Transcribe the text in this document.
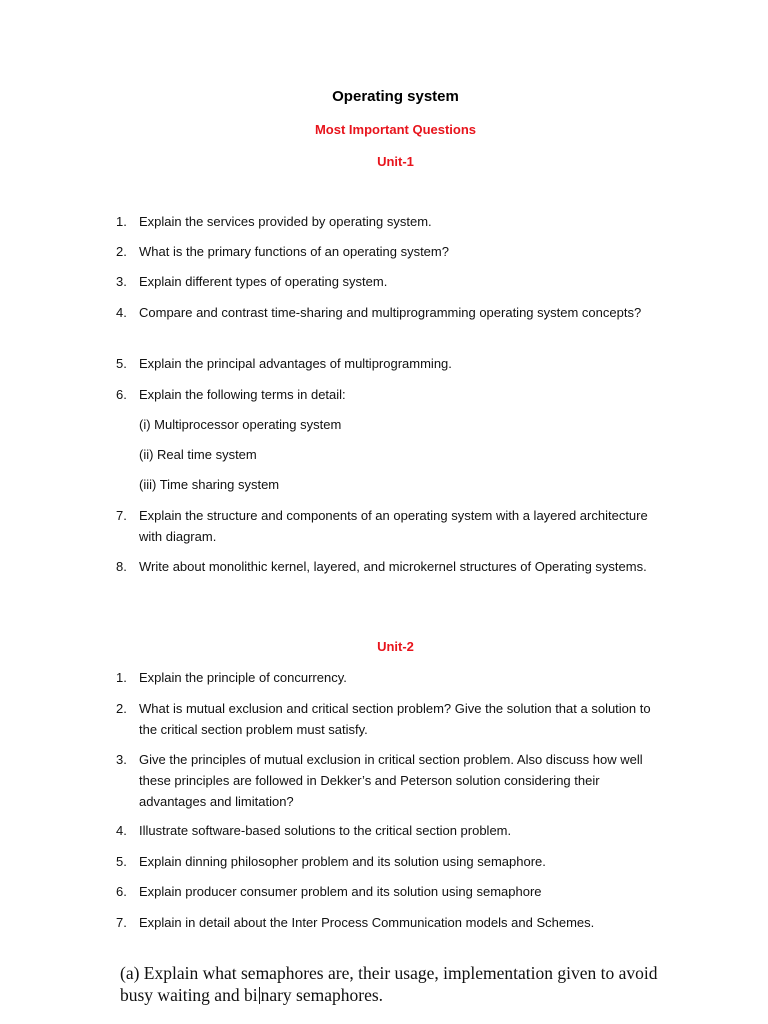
Operating system
Most Important Questions
Unit-1
1. Explain the services provided by operating system.
2. What is the primary functions of an operating system?
3. Explain different types of operating system.
4. Compare and contrast time-sharing and multiprogramming operating system concepts?
5. Explain the principal advantages of multiprogramming.
6. Explain the following terms in detail:
(i) Multiprocessor operating system
(ii) Real time system
(iii) Time sharing system
7. Explain the structure and components of an operating system with a layered architecture with diagram.
8. Write about monolithic kernel, layered, and microkernel structures of Operating systems.
Unit-2
1. Explain the principle of concurrency.
2. What is mutual exclusion and critical section problem? Give the solution that a solution to the critical section problem must satisfy.
3. Give the principles of mutual exclusion in critical section problem. Also discuss how well these principles are followed in Dekker’s and Peterson solution considering their advantages and limitation?
4. Illustrate software-based solutions to the critical section problem.
5. Explain dinning philosopher problem and its solution using semaphore.
6. Explain producer consumer problem and its solution using semaphore
7. Explain in detail about the Inter Process Communication models and Schemes.
(a) Explain what semaphores are, their usage, implementation given to avoid
busy waiting and bi nary semaphores.
